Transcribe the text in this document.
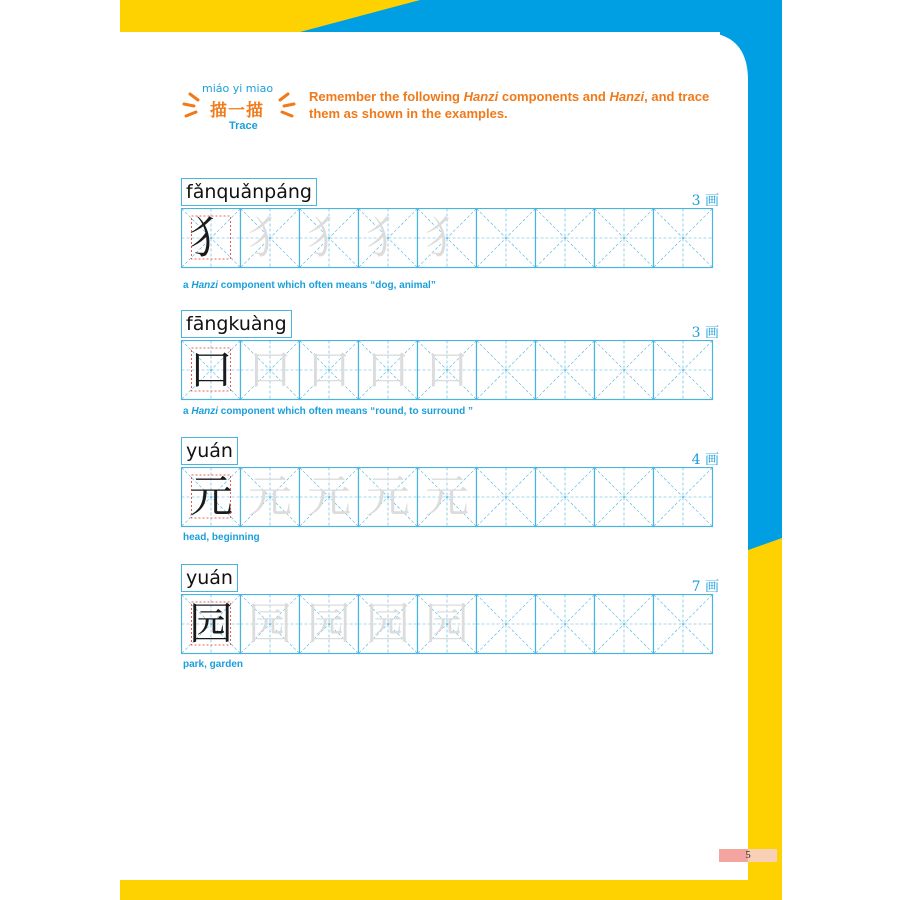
miáo yi miao
描一描
Trace
Remember the following Hanzi components and Hanzi, and trace them as shown in the examples.
fǎnquǎnpáng	3 画
犭 犭 犭 犭 犭
a Hanzi component which often means “dog, animal”
fāngkuàng	3 画
口 口 口 口 口
a Hanzi component which often means “round, to surround ”
yuán	4 画
元 元 元 元 元
head, beginning
yuán	7 画
园 园 园 园 园
park, garden
5
